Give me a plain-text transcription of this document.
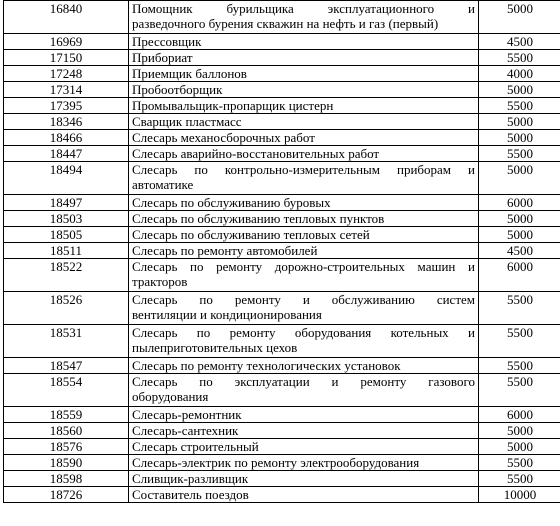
16840	Помощник бурильщика эксплуатационного и
разведочного бурения скважин на нефть и газ (первый)	5000
16969	Прессовщик	4500
17150	Прибориат	5500
17248	Приемщик баллонов	4000
17314	Пробоотборщик	5000
17395	Промывальщик-пропарщик цистерн	5500
18346	Сварщик пластмасс	5000
18466	Слесарь механосборочных работ	5000
18447	Слесарь аварийно-восстановительных работ	5500
18494	Слесарь по контрольно-измерительным приборам и
автоматике	5000
18497	Слесарь по обслуживанию буровых	6000
18503	Слесарь по обслуживанию тепловых пунктов	5000
18505	Слесарь по обслуживанию тепловых сетей	5000
18511	Слесарь по ремонту автомобилей	4500
18522	Слесарь по ремонту дорожно-строительных машин и
тракторов	6000
18526	Слесарь по ремонту и обслуживанию систем
вентиляции и кондиционирования	5500
18531	Слесарь по ремонту оборудования котельных и
пылеприготовительных цехов	5500
18547	Слесарь по ремонту технологических установок	5500
18554	Слесарь по эксплуатации и ремонту газового
оборудования	5500
18559	Слесарь-ремонтник	6000
18560	Слесарь-сантехник	5000
18576	Слесарь строительный	5000
18590	Слесарь-электрик по ремонту электрооборудования	5500
18598	Сливщик-разливщик	5500
18726	Составитель поездов	10000
